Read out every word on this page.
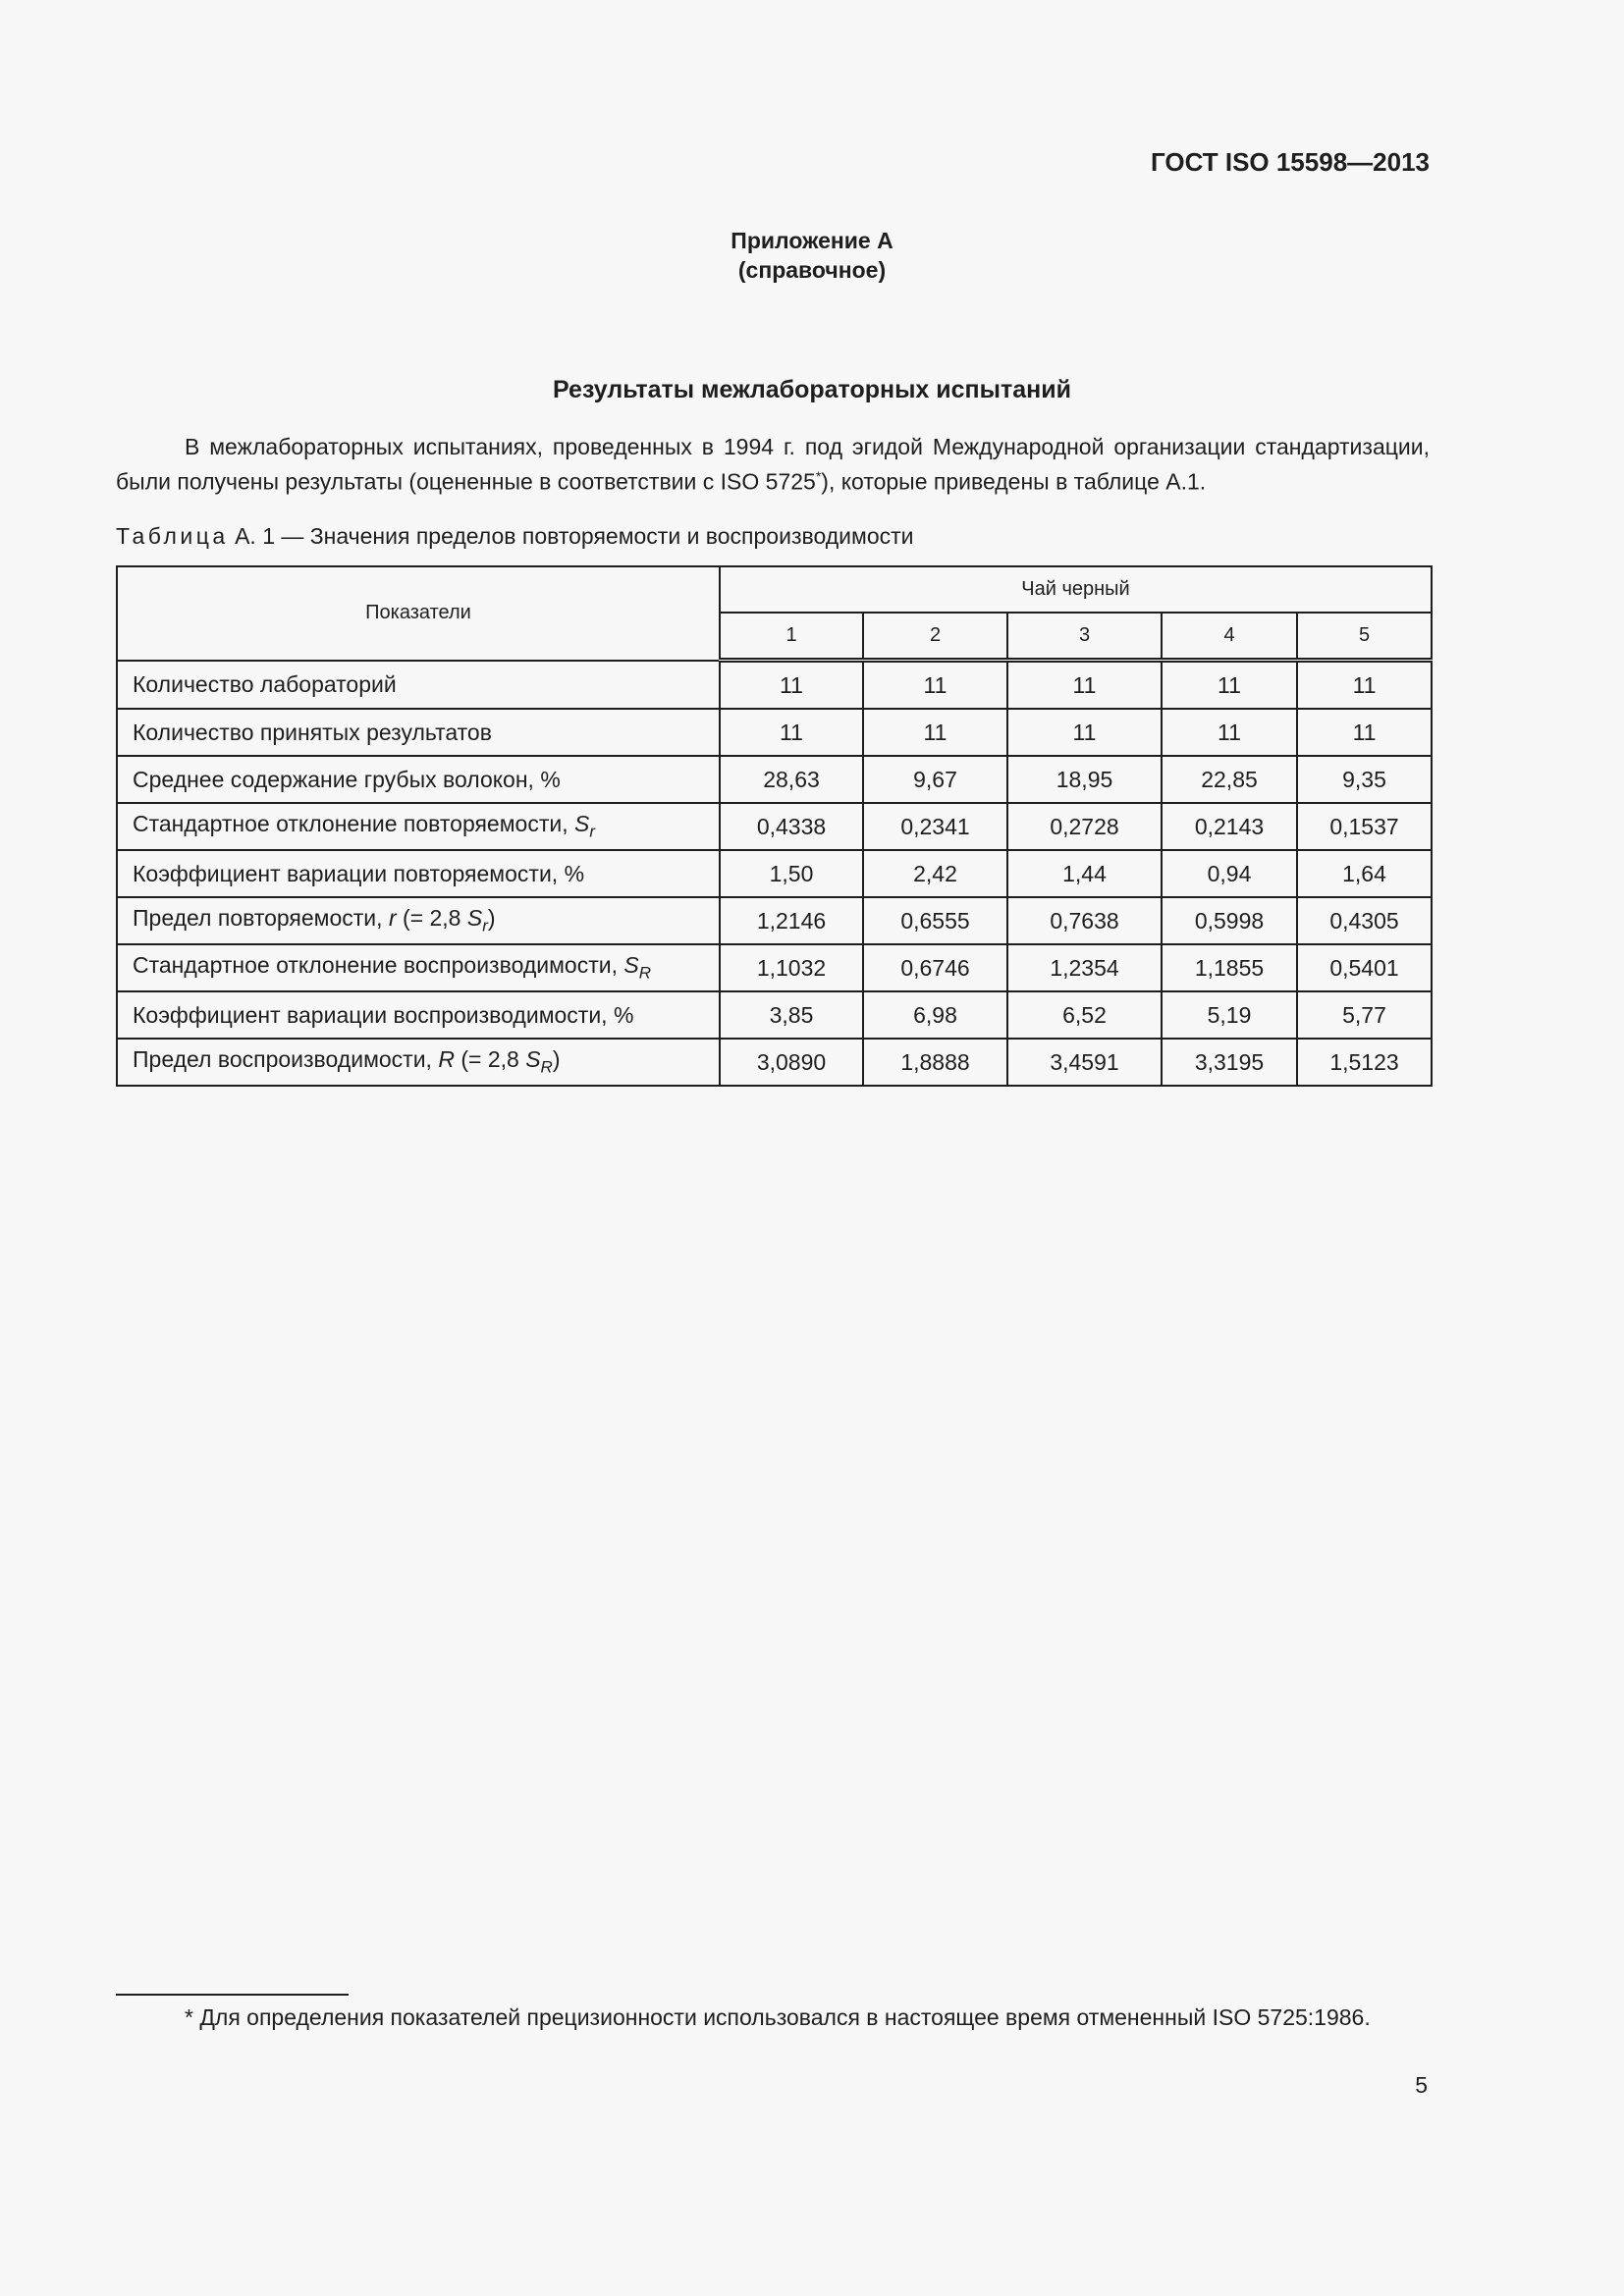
ГОСТ ISO 15598—2013
Приложение А
(справочное)
Результаты межлабораторных испытаний

В межлабораторных испытаниях, проведенных в 1994 г. под эгидой Международной организации стандартизации, были получены результаты (оцененные в соответствии с ISO 5725*), которые приведены в таблице А.1.

Таблица А. 1 — Значения пределов повторяемости и воспроизводимости

Показатели	Чай черный				
	1	2	3	4	5
Количество лабораторий	11	11	11	11	11
Количество принятых результатов	11	11	11	11	11
Среднее содержание грубых волокон, %	28,63	9,67	18,95	22,85	9,35
Стандартное отклонение повторяемости, $S_r$	0,4338	0,2341	0,2728	0,2143	0,1537
Коэффициент вариации повторяемости, %	1,50	2,42	1,44	0,94	1,64
Предел повторяемости, r (= 2,8 $S_r$)	1,2146	0,6555	0,7638	0,5998	0,4305
Стандартное отклонение воспроизводимости, $S_R$	1,1032	0,6746	1,2354	1,1855	0,5401
Коэффициент вариации воспроизводимости, %	3,85	6,98	6,52	5,19	5,77
Предел воспроизводимости, R (= 2,8 $S_R$)	3,0890	1,8888	3,4591	3,3195	1,5123

* Для определения показателей прецизионности использовался в настоящее время отмененный ISO 5725:1986.

5
